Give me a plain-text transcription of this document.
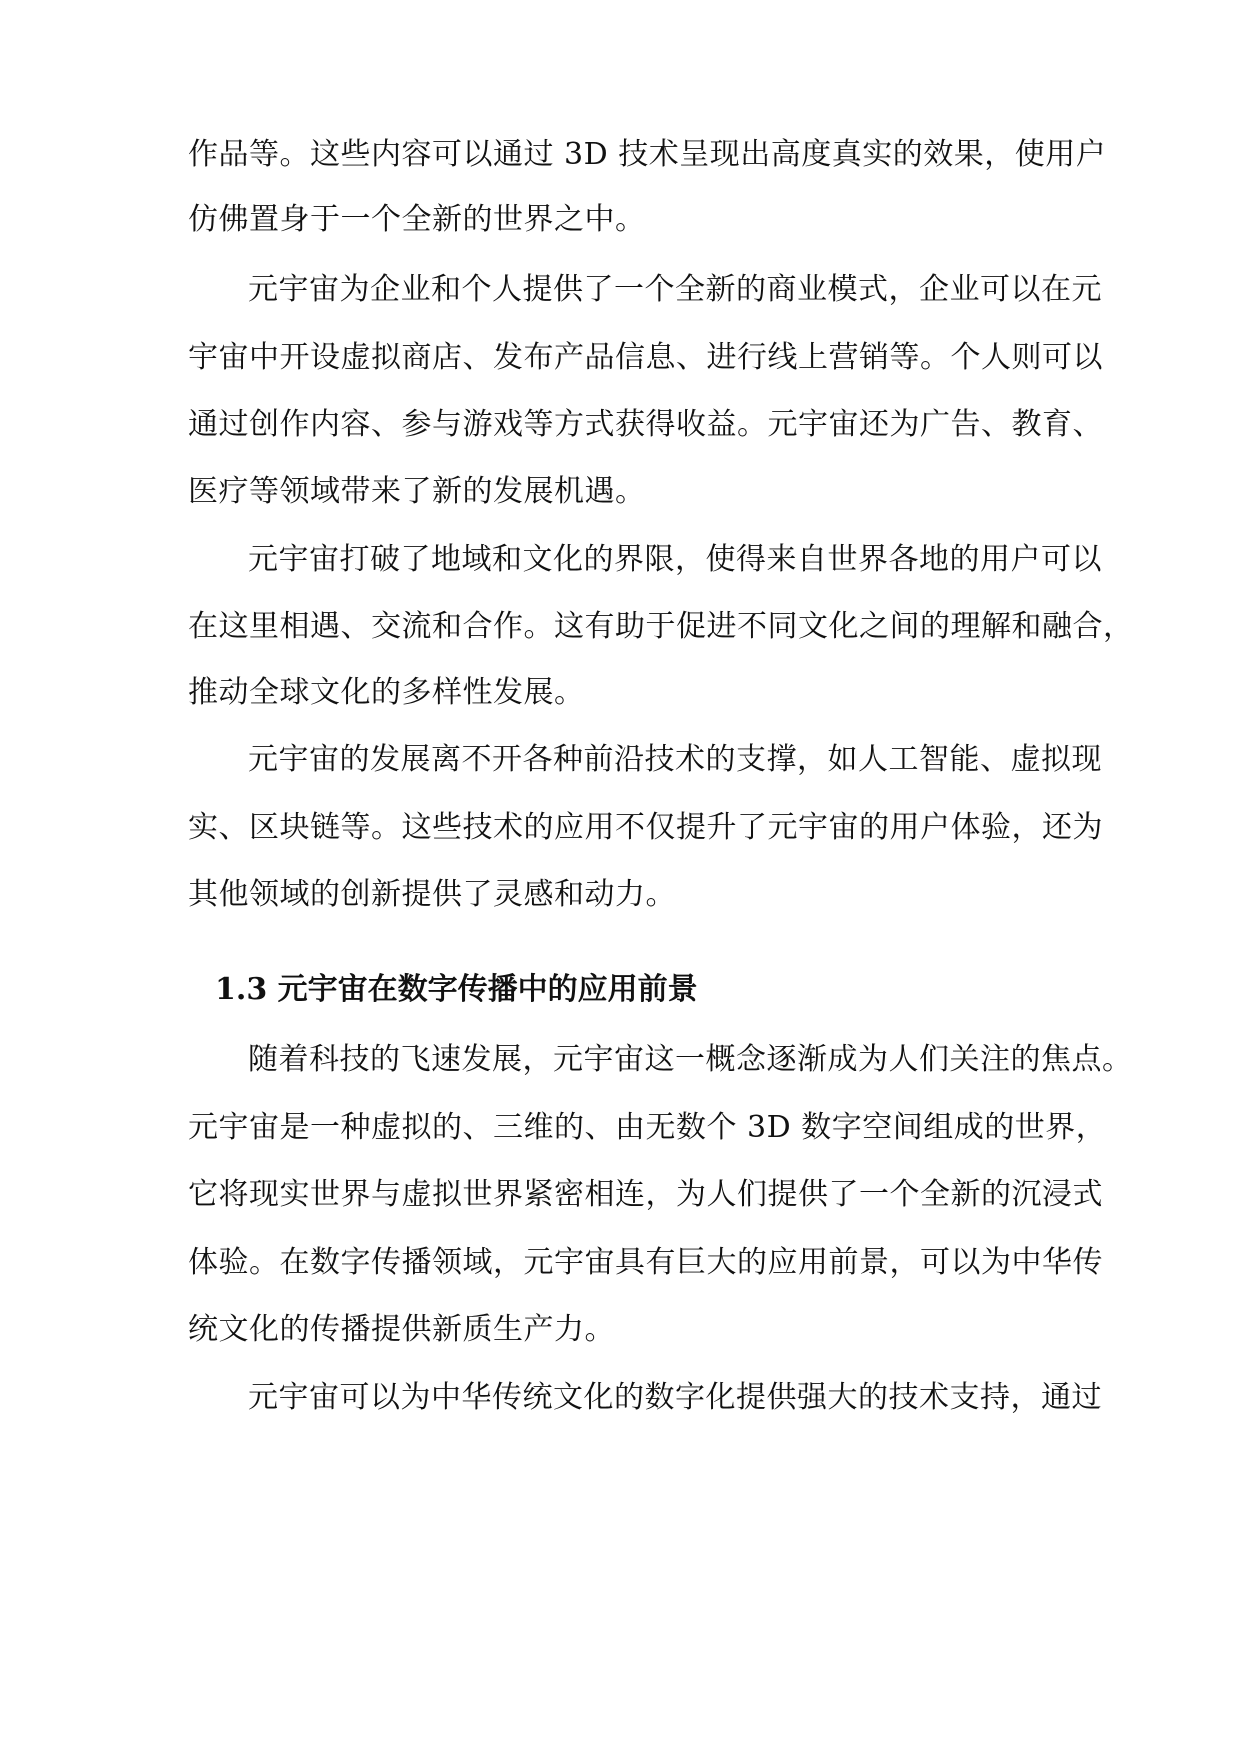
作品等。这些内容可以通过 3D 技术呈现出高度真实的效果，使用户
仿佛置身于一个全新的世界之中。
元宇宙为企业和个人提供了一个全新的商业模式，企业可以在元
宇宙中开设虚拟商店、发布产品信息、进行线上营销等。个人则可以
通过创作内容、参与游戏等方式获得收益。元宇宙还为广告、教育、
医疗等领域带来了新的发展机遇。
元宇宙打破了地域和文化的界限，使得来自世界各地的用户可以
在这里相遇、交流和合作。这有助于促进不同文化之间的理解和融合，
推动全球文化的多样性发展。
元宇宙的发展离不开各种前沿技术的支撑，如人工智能、虚拟现
实、区块链等。这些技术的应用不仅提升了元宇宙的用户体验，还为
其他领域的创新提供了灵感和动力。
1.3 元宇宙在数字传播中的应用前景
随着科技的飞速发展，元宇宙这一概念逐渐成为人们关注的焦点。
元宇宙是一种虚拟的、三维的、由无数个 3D 数字空间组成的世界，
它将现实世界与虚拟世界紧密相连，为人们提供了一个全新的沉浸式
体验。在数字传播领域，元宇宙具有巨大的应用前景，可以为中华传
统文化的传播提供新质生产力。
元宇宙可以为中华传统文化的数字化提供强大的技术支持，通过
